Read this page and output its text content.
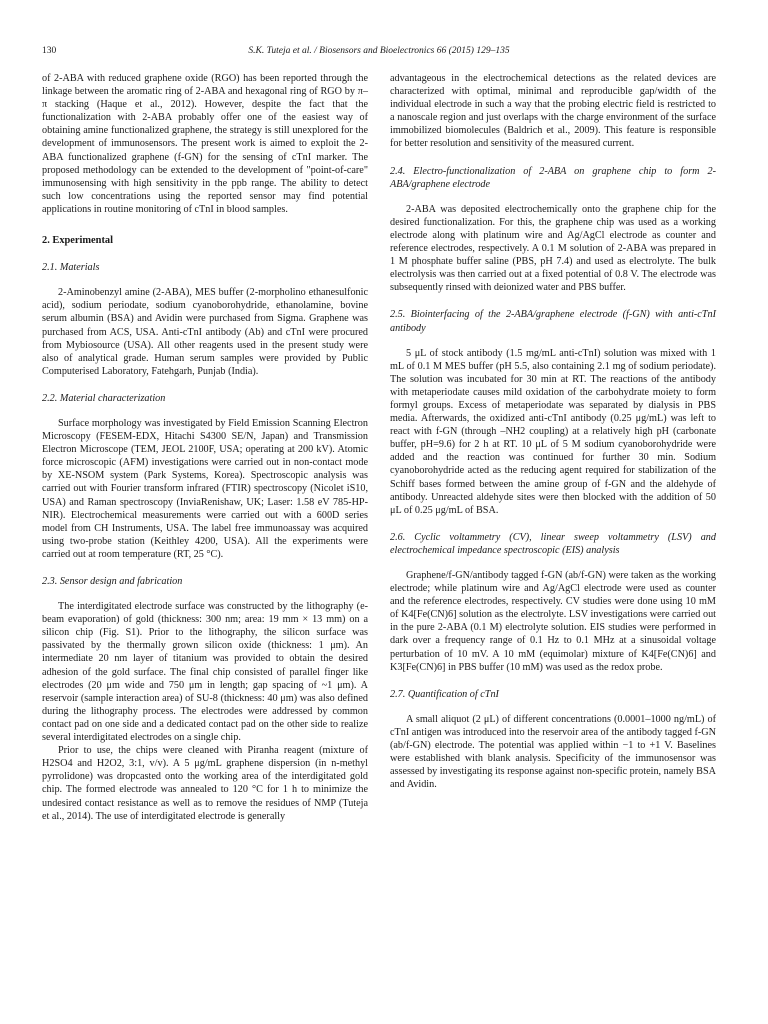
130	S.K. Tuteja et al. / Biosensors and Bioelectronics 66 (2015) 129–135

of 2-ABA with reduced graphene oxide (RGO) has been reported through the linkage between the aromatic ring of 2-ABA and hexagonal ring of RGO by π–π stacking (Haque et al., 2012). However, despite the fact that the functionalization with 2-ABA probably offer one of the easiest way of obtaining amine functionalized graphene, the strategy is still unexplored for the development of immunosensors. The present work is aimed to exploit the 2-ABA functionalized graphene (f-GN) for the sensing of cTnI marker. The proposed methodology can be extended to the development of "point-of-care" immunosensing with high sensitivity in the ppb range. The ability to detect such low concentrations using the reported sensor may find potential applications in routine monitoring of cTnI in blood samples.

2. Experimental
2.1. Materials

2-Aminobenzyl amine (2-ABA), MES buffer (2-morpholino ethanesulfonic acid), sodium periodate, sodium cyanoborohydride, ethanolamine, bovine serum albumin (BSA) and Avidin were purchased from Sigma. Graphene was purchased from ACS, USA. Anti-cTnI antibody (Ab) and cTnI were procured from Mybiosource (USA). All other reagents used in the present study were also of analytical grade. Human serum samples were provided by Public Computerised Laboratory, Fatehgarh, Punjab (India).

2.2. Material characterization

Surface morphology was investigated by Field Emission Scanning Electron Microscopy (FESEM-EDX, Hitachi S4300 SE/N, Japan) and Transmission Electron Microscope (TEM, JEOL 2100F, USA; operating at 200 kV). Atomic force microscopic (AFM) investigations were carried out in non-contact mode by XE-NSOM system (Park Systems, Korea). Spectroscopic analysis was carried out with Fourier transform infrared (FTIR) spectroscopy (Nicolet iS10, USA) and Raman spectroscopy (InviaRenishaw, UK; Laser: 1.58 eV 785-HP-NIR). Electrochemical measurements were carried out with a 600D series model from CH Instruments, USA. The label free immunoassay was acquired using two-probe station (Keithley 4200, USA). All the experiments were carried out at room temperature (RT, 25 °C).

2.3. Sensor design and fabrication

The interdigitated electrode surface was constructed by the lithography (e-beam evaporation) of gold (thickness: 300 nm; area: 19 mm × 13 mm) on a silicon chip (Fig. S1). Prior to the lithography, the silicon surface was passivated by the thermally grown silicon oxide (thickness: 1 μm). An intermediate 20 nm layer of titanium was provided to obtain the desired adhesion of the gold surface. The final chip consisted of parallel finger like electrodes (20 μm wide and 750 μm in length; gap spacing of ~1 μm). A reservoir (sample interaction area) of SU-8 (thickness: 40 μm) was also defined during the lithography process. The electrodes were addressed by common contact pad on one side and a dedicated contact pad on the other side to realize several interdigitated electrodes on a single chip.

Prior to use, the chips were cleaned with Piranha reagent (mixture of H2SO4 and H2O2, 3:1, v/v). A 5 μg/mL graphene dispersion (in n-methyl pyrrolidone) was dropcasted onto the working area of the interdigitated gold chip. The formed electrode was annealed to 120 °C for 1 h to minimize the undesired contact resistance as well as to remove the residues of NMP (Tuteja et al., 2014). The use of interdigitated electrode is generally

advantageous in the electrochemical detections as the related devices are characterized with optimal, minimal and reproducible gap/width of the individual electrode in such a way that the probing electric field is restricted to a nanoscale region and just overlaps with the charge environment of the surface immobilized biomolecules (Baldrich et al., 2009). This feature is responsible for better resolution and sensitivity of the measured current.

2.4. Electro-functionalization of 2-ABA on graphene chip to form 2-ABA/graphene electrode

2-ABA was deposited electrochemically onto the graphene chip for the desired functionalization. For this, the graphene chip was used as a working electrode along with platinum wire and Ag/AgCl electrode as counter and reference electrodes, respectively. A 0.1 M solution of 2-ABA was prepared in 1 M phosphate buffer saline (PBS, pH 7.4) and used as electrolyte. The bulk electrolysis was then carried out at a fixed potential of 0.8 V. The electrode was subsequently rinsed with deionized water and PBS buffer.

2.5. Biointerfacing of the 2-ABA/graphene electrode (f-GN) with anti-cTnI antibody

5 μL of stock antibody (1.5 mg/mL anti-cTnI) solution was mixed with 1 mL of 0.1 M MES buffer (pH 5.5, also containing 2.1 mg of sodium periodate). The solution was incubated for 30 min at RT. The reactions of the antibody with metaperiodate causes mild oxidation of the carbohydrate moiety to form formyl groups. Excess of metaperiodate was separated by dialysis in PBS media. Afterwards, the oxidized anti-cTnI antibody (0.25 μg/mL) was left to react with f-GN (through –NH2 coupling) at a relatively high pH (carbonate buffer, pH=9.6) for 2 h at RT. 10 μL of 5 M sodium cyanoborohydride were added and the reaction was continued for further 30 min. Sodium cyanoborohydride acted as the reducing agent required for stabilization of the Schiff bases formed between the amine group of f-GN and the aldehyde of antibody. Unreacted aldehyde sites were then blocked with the addition of 50 μL of 0.25 μg/mL of BSA.

2.6. Cyclic voltammetry (CV), linear sweep voltammetry (LSV) and electrochemical impedance spectroscopic (EIS) analysis

Graphene/f-GN/antibody tagged f-GN (ab/f-GN) were taken as the working electrode; while platinum wire and Ag/AgCl electrode were used as counter and the reference electrodes, respectively. CV studies were done using 10 mM of K4[Fe(CN)6] solution as the electrolyte. LSV investigations were carried out in the pure 2-ABA (0.1 M) electrolyte solution. EIS studies were performed in dark over a frequency range of 0.1 Hz to 0.1 MHz at a sinusoidal voltage perturbation of 10 mV. A 10 mM (equimolar) mixture of K4[Fe(CN)6] and K3[Fe(CN)6] in PBS buffer (10 mM) was used as the redox probe.

2.7. Quantification of cTnI

A small aliquot (2 μL) of different concentrations (0.0001–1000 ng/mL) of cTnI antigen was introduced into the reservoir area of the antibody tagged f-GN (ab/f-GN) electrode. The potential was applied within −1 to +1 V. Baselines were established with blank analysis. Specificity of the immunosensor was assessed by investigating its response against non-specific protein, namely BSA and Avidin.
